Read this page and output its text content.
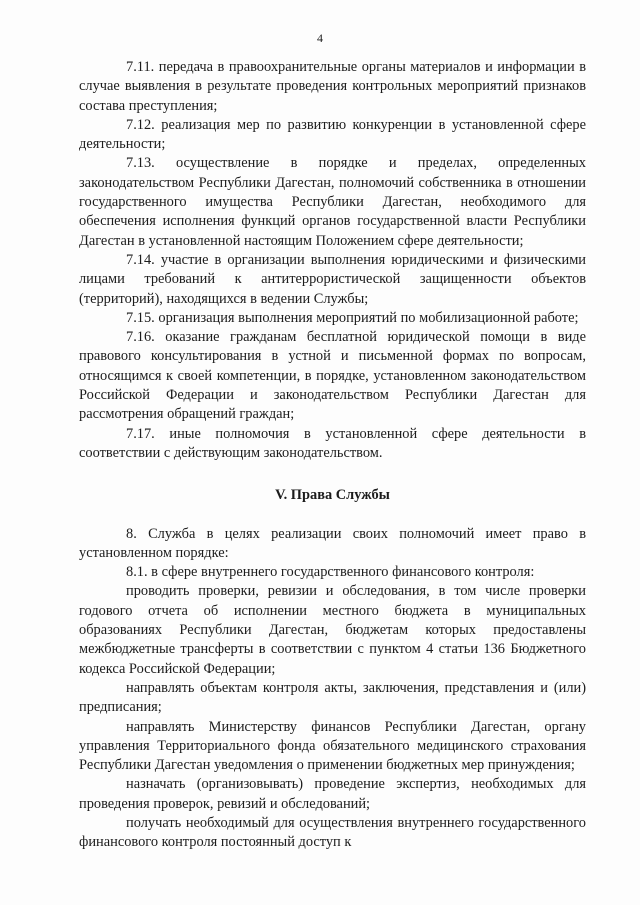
4

7.11. передача в правоохранительные органы материалов и информации в случае выявления в результате проведения контрольных мероприятий признаков состава преступления;

7.12. реализация мер по развитию конкуренции в установленной сфере деятельности;

7.13. осуществление в порядке и пределах, определенных законодательством Республики Дагестан, полномочий собственника в отношении государственного имущества Республики Дагестан, необходимого для обеспечения исполнения функций органов государственной власти Республики Дагестан в установленной настоящим Положением сфере деятельности;

7.14. участие в организации выполнения юридическими и физическими лицами требований к антитеррористической защищенности объектов (территорий), находящихся в ведении Службы;

7.15. организация выполнения мероприятий по мобилизационной работе;

7.16. оказание гражданам бесплатной юридической помощи в виде правового консультирования в устной и письменной формах по вопросам, относящимся к своей компетенции, в порядке, установленном законодательством Российской Федерации и законодательством Республики Дагестан для рассмотрения обращений граждан;

7.17. иные полномочия в установленной сфере деятельности в соответствии с действующим законодательством.

V. Права Службы

8. Служба в целях реализации своих полномочий имеет право в установленном порядке:

8.1. в сфере внутреннего государственного финансового контроля:

проводить проверки, ревизии и обследования, в том числе проверки годового отчета об исполнении местного бюджета в муниципальных образованиях Республики Дагестан, бюджетам которых предоставлены межбюджетные трансферты в соответствии с пунктом 4 статьи 136 Бюджетного кодекса Российской Федерации;

направлять объектам контроля акты, заключения, представления и (или) предписания;

направлять Министерству финансов Республики Дагестан, органу управления Территориального фонда обязательного медицинского страхования Республики Дагестан уведомления о применении бюджетных мер принуждения;

назначать (организовывать) проведение экспертиз, необходимых для проведения проверок, ревизий и обследований;

получать необходимый для осуществления внутреннего государственного финансового контроля постоянный доступ к
